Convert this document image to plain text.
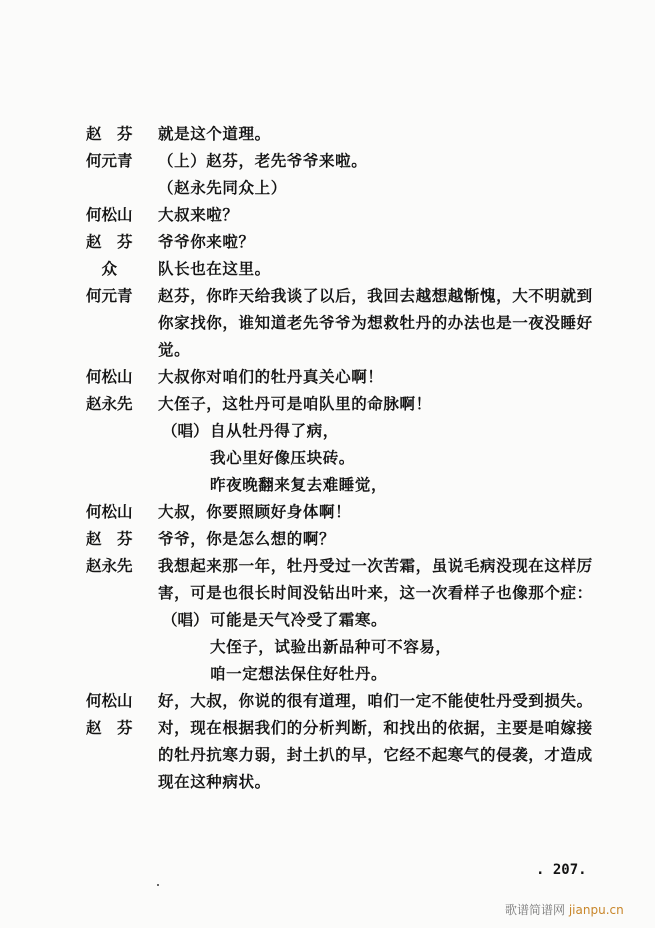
赵　芬	就是这个道理。
何元青	（上）赵芬，老先爷爷来啦。
（赵永先同众上）
何松山	大叔来啦？
赵　芬	爷爷你来啦？
　众	队长也在这里。
何元青	赵芬，你昨天给我谈了以后，我回去越想越惭愧，大不明就到你家找你，谁知道老先爷爷为想救牡丹的办法也是一夜没睡好觉。
何松山	大叔你对咱们的牡丹真关心啊！
赵永先	大侄子，这牡丹可是咱队里的命脉啊！
（唱） 自从牡丹得了病，
我心里好像压块砖。
昨夜晚翻来复去难睡觉，
何松山	大叔，你要照顾好身体啊！
赵　芬	爷爷，你是怎么想的啊？
赵永先	我想起来那一年，牡丹受过一次苦霜，虽说毛病没现在这样厉害，可是也很长时间没钻出叶来，这一次看样子也像那个症：
（唱） 可能是天气冷受了霜寒。
大侄子，试验出新品种可不容易，
咱一定想法保住好牡丹。
何松山	好，大叔，你说的很有道理，咱们一定不能使牡丹受到损失。
赵　芬	对，现在根据我们的分析判断，和找出的依据，主要是咱嫁接的牡丹抗寒力弱，封土扒的早，它经不起寒气的侵袭，才造成现在这种病状。
. 207.
歌谱简谱网 jianpu.cn
